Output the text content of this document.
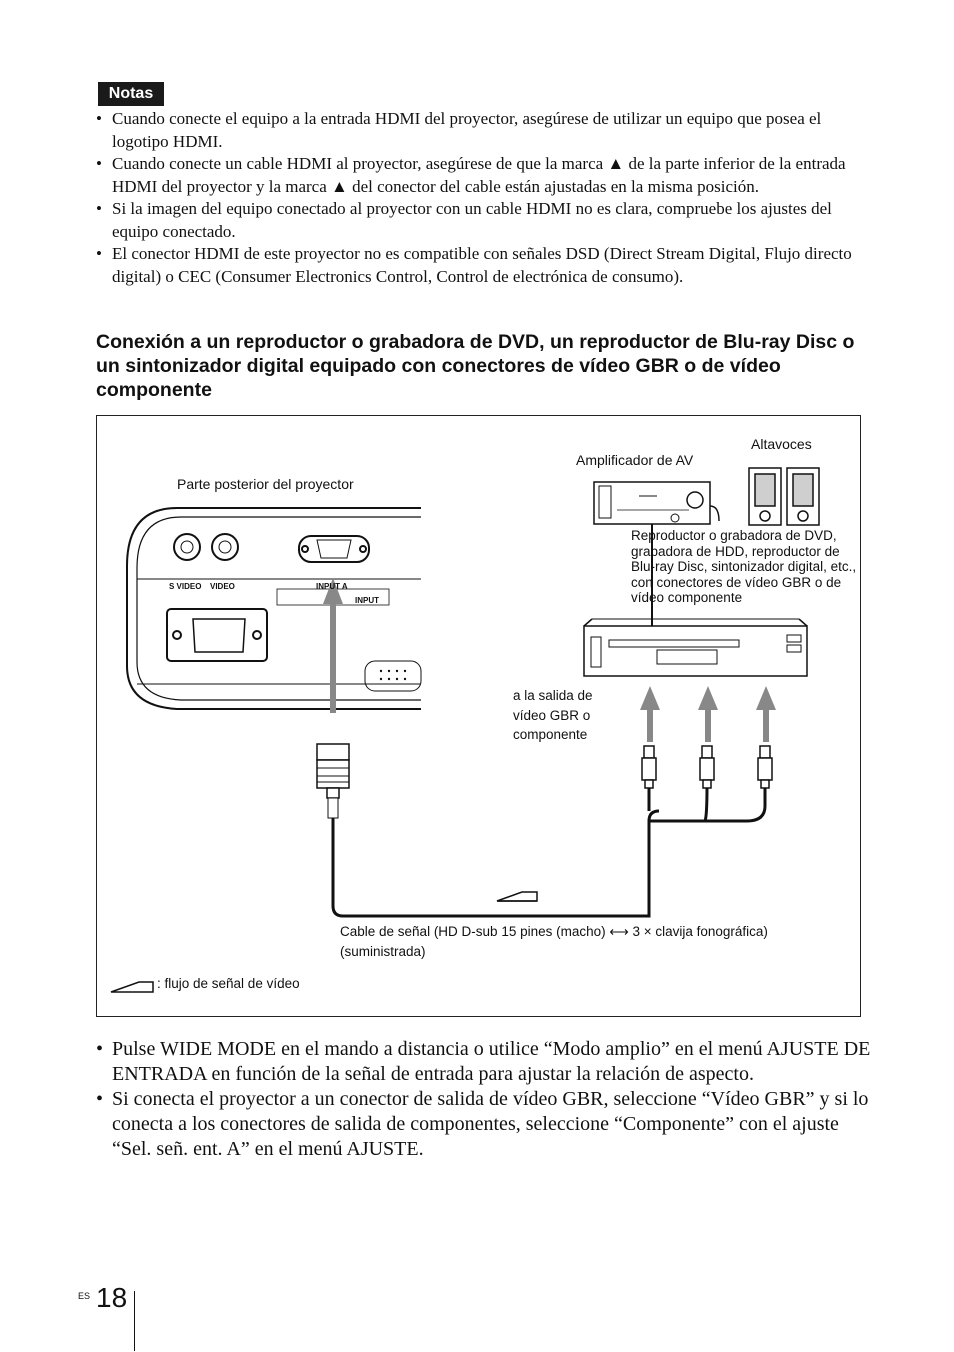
Notas
• Cuando conecte el equipo a la entrada HDMI del proyector, asegúrese de utilizar un equipo que posea el logotipo HDMI.
• Cuando conecte un cable HDMI al proyector, asegúrese de que la marca ▲ de la parte inferior de la entrada HDMI del proyector y la marca ▲ del conector del cable están ajustadas en la misma posición.
• Si la imagen del equipo conectado al proyector con un cable HDMI no es clara, compruebe los ajustes del equipo conectado.
• El conector HDMI de este proyector no es compatible con señales DSD (Direct Stream Digital, Flujo directo digital) o CEC (Consumer Electronics Control, Control de electrónica de consumo).
Conexión a un reproductor o grabadora de DVD, un reproductor de Blu-ray Disc o un sintonizador digital equipado con conectores de vídeo GBR o de vídeo componente

Parte posterior del proyector

Amplificador de AV

Altavoces

Reproductor o grabadora de DVD, grabadora de HDD, reproductor de Blu-ray Disc, sintonizador digital, etc., con conectores de vídeo GBR o de vídeo componente

a la salida de vídeo GBR o componente

Cable de señal (HD D-sub 15 pines (macho) ⟷ 3 × clavija fonográfica) (suministrada)

: flujo de señal de vídeo

S VIDEO VIDEO	INPUT A

INPUT

• Pulse WIDE MODE en el mando a distancia o utilice “Modo amplio” en el menú AJUSTE DE ENTRADA en función de la señal de entrada para ajustar la relación de aspecto.
• Si conecta el proyector a un conector de salida de vídeo GBR, seleccione “Vídeo GBR” y si lo conecta a los conectores de salida de componentes, seleccione “Componente” con el ajuste “Sel. señ. ent. A” en el menú AJUSTE.
ES 18
